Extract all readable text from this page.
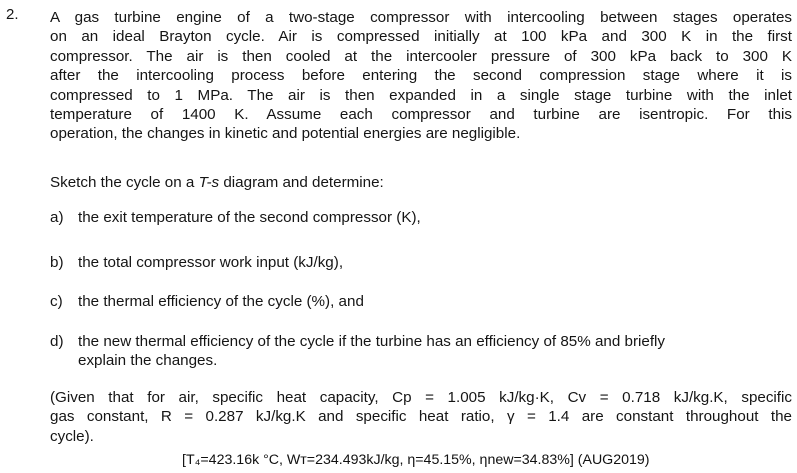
2. A gas turbine engine of a two-stage compressor with intercooling between stages operates
on an ideal Brayton cycle. Air is compressed initially at 100 kPa and 300 K in the first
compressor. The air is then cooled at the intercooler pressure of 300 kPa back to 300 K
after the intercooling process before entering the second compression stage where it is
compressed to 1 MPa. The air is then expanded in a single stage turbine with the inlet
temperature of 1400 K. Assume each compressor and turbine are isentropic. For this
operation, the changes in kinetic and potential energies are negligible.
Sketch the cycle on a T-s diagram and determine:
a) the exit temperature of the second compressor (K),
b) the total compressor work input (kJ/kg),
c) the thermal efficiency of the cycle (%), and
d) the new thermal efficiency of the cycle if the turbine has an efficiency of 85% and briefly
explain the changes.
(Given that for air, specific heat capacity, Cp = 1.005 kJ/kg·K, Cv = 0.718 kJ/kg.K, specific
gas constant, R = 0.287 kJ/kg.K and specific heat ratio, γ = 1.4 are constant throughout the
cycle).
[T₄=423.16k °C, Wᴛ=234.493kJ/kg, η=45.15%, ηnew=34.83%] (AUG2019)
